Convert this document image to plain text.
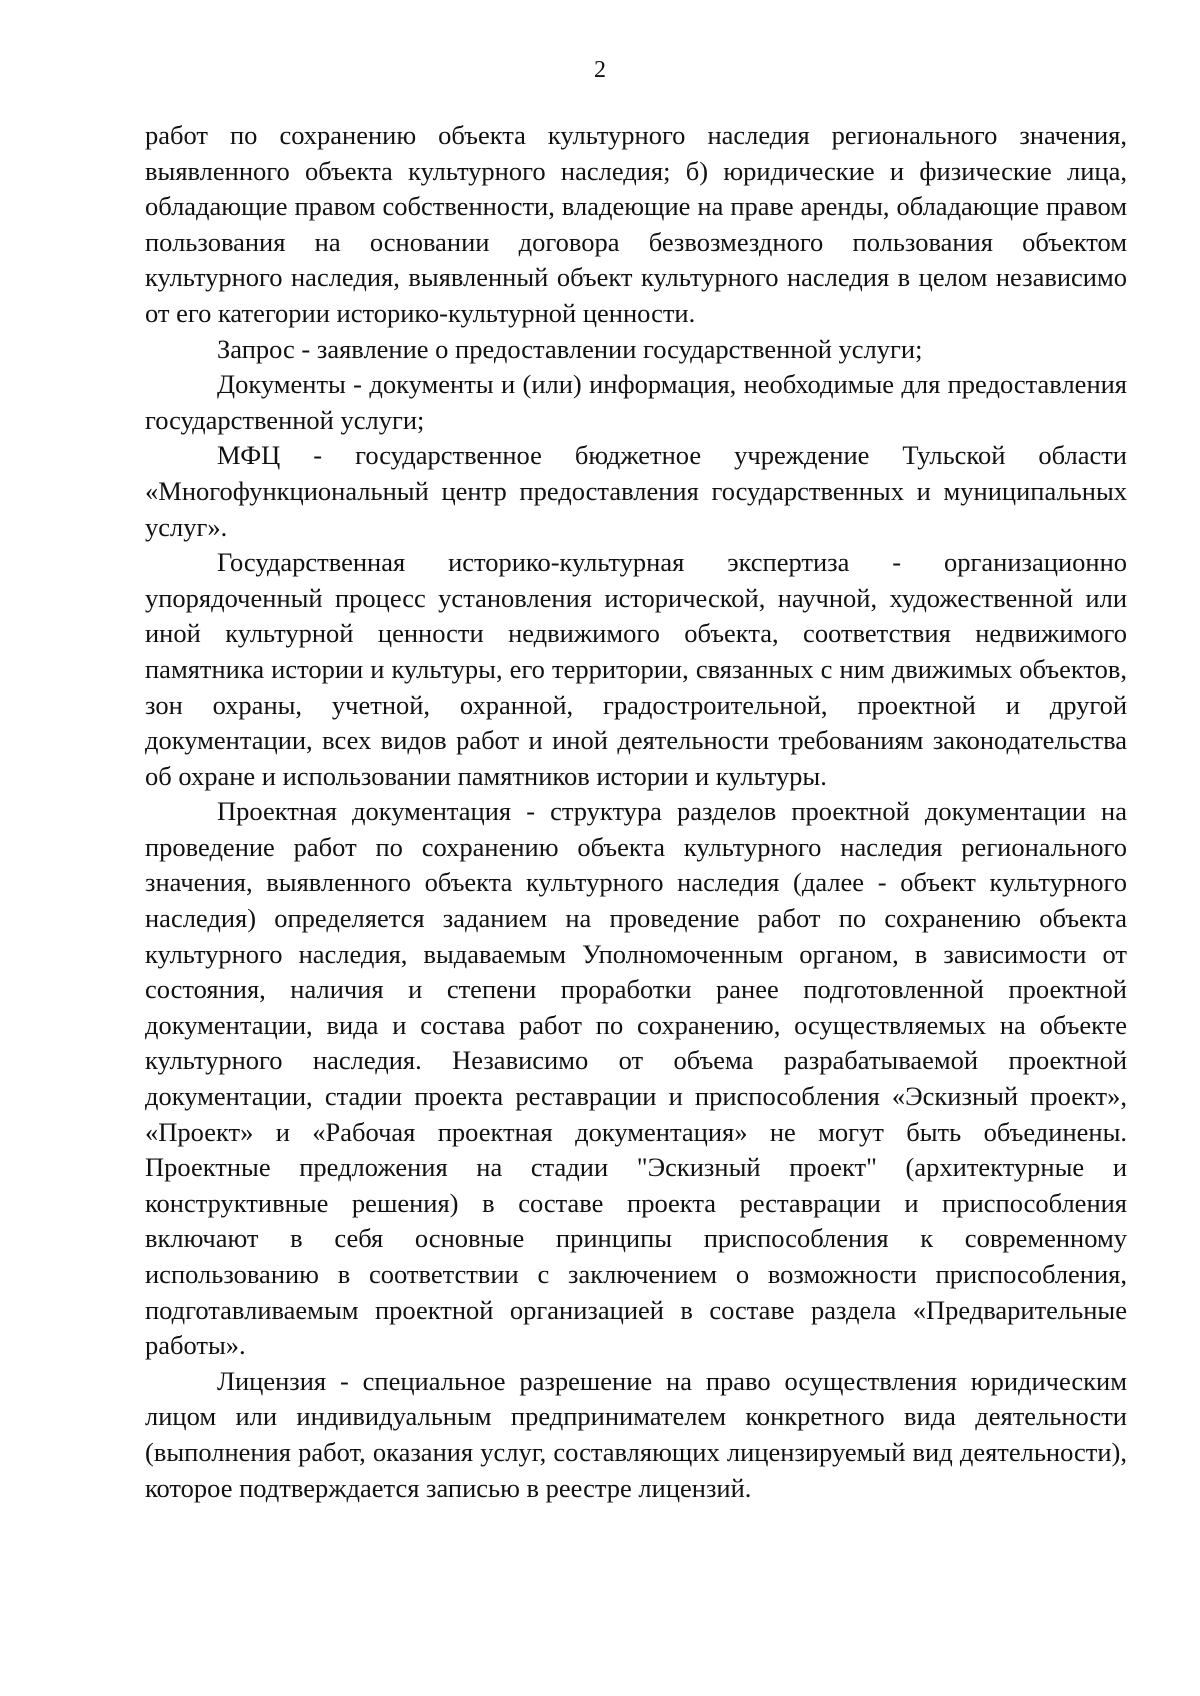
2

работ по сохранению объекта культурного наследия регионального значения, выявленного объекта культурного наследия; б) юридические и физические лица, обладающие правом собственности, владеющие на праве аренды, обладающие правом пользования на основании договора безвозмездного пользования объектом культурного наследия, выявленный объект культурного наследия в целом независимо от его категории историко-культурной ценности.

Запрос - заявление о предоставлении государственной услуги;

Документы - документы и (или) информация, необходимые для предоставления государственной услуги;

МФЦ - государственное бюджетное учреждение Тульской области «Многофункциональный центр предоставления государственных и муниципальных услуг».

Государственная историко-культурная экспертиза - организационно упорядоченный процесс установления исторической, научной, художественной или иной культурной ценности недвижимого объекта, соответствия недвижимого памятника истории и культуры, его территории, связанных с ним движимых объектов, зон охраны, учетной, охранной, градостроительной, проектной и другой документации, всех видов работ и иной деятельности требованиям законодательства об охране и использовании памятников истории и культуры.

Проектная документация - структура разделов проектной документации на проведение работ по сохранению объекта культурного наследия регионального значения, выявленного объекта культурного наследия (далее - объект культурного наследия) определяется заданием на проведение работ по сохранению объекта культурного наследия, выдаваемым Уполномоченным органом, в зависимости от состояния, наличия и степени проработки ранее подготовленной проектной документации, вида и состава работ по сохранению, осуществляемых на объекте культурного наследия. Независимо от объема разрабатываемой проектной документации, стадии проекта реставрации и приспособления «Эскизный проект», «Проект» и «Рабочая проектная документация» не могут быть объединены. Проектные предложения на стадии "Эскизный проект" (архитектурные и конструктивные решения) в составе проекта реставрации и приспособления включают в себя основные принципы приспособления к современному использованию в соответствии с заключением о возможности приспособления, подготавливаемым проектной организацией в составе раздела «Предварительные работы».

Лицензия - специальное разрешение на право осуществления юридическим лицом или индивидуальным предпринимателем конкретного вида деятельности (выполнения работ, оказания услуг, составляющих лицензируемый вид деятельности), которое подтверждается записью в реестре лицензий.
